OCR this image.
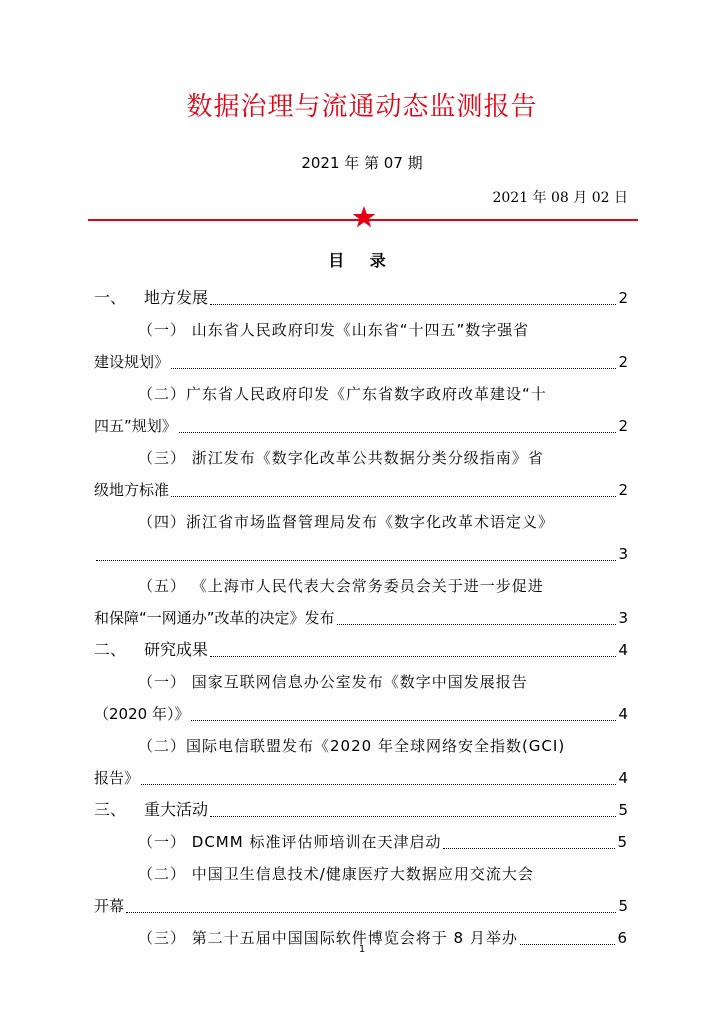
数据治理与流通动态监测报告
2021 年 第 07 期
2021 年 08 月 02 日
目 录
一、	地方发展	2
（一） 山东省人民政府印发《山东省“十四五”数字强省
建设规划》	2
（二）广东省人民政府印发《广东省数字政府改革建设“十
四五”规划》	2
（三） 浙江发布《数字化改革公共数据分类分级指南》省
级地方标准	2
（四）浙江省市场监督管理局发布《数字化改革术语定义》
3
（五） 《上海市人民代表大会常务委员会关于进一步促进
和保障“一网通办”改革的决定》发布	3
二、	研究成果	4
（一） 国家互联网信息办公室发布《数字中国发展报告
（2020 年）》	4
（二）国际电信联盟发布《2020 年全球网络安全指数(GCI)
报告》	4
三、	重大活动	5
（一） DCMM 标准评估师培训在天津启动	5
（二） 中国卫生信息技术/健康医疗大数据应用交流大会
开幕	5
（三） 第二十五届中国国际软件博览会将于 8 月举办	6
1
